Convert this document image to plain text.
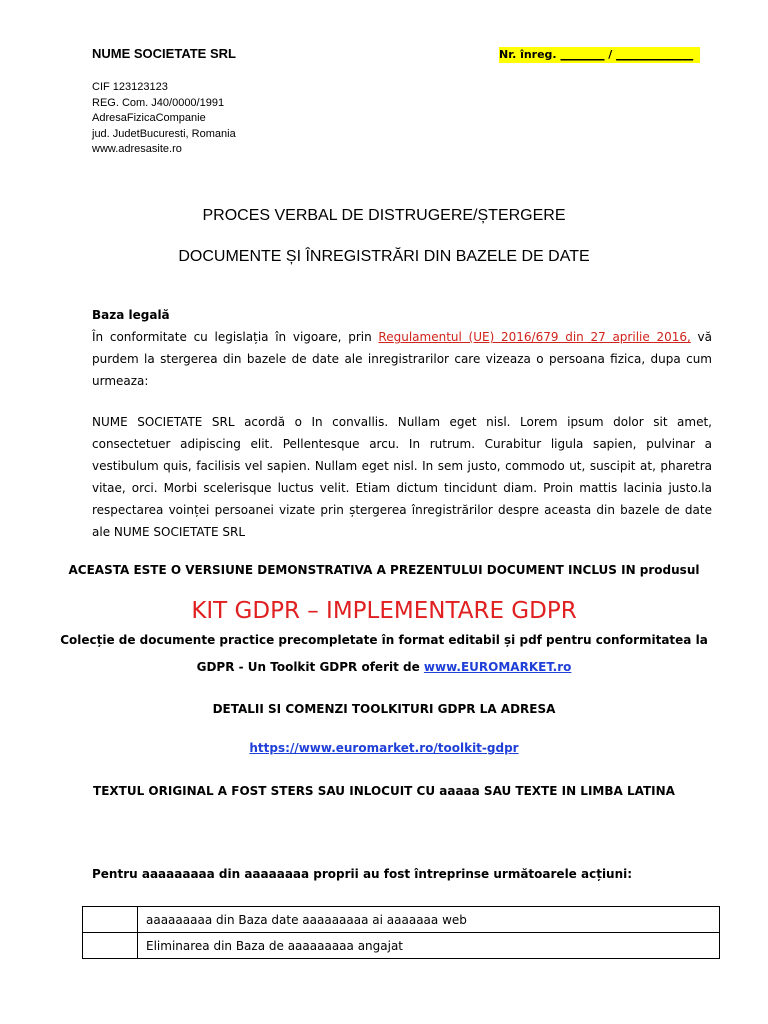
NUME SOCIETATE SRL	Nr. înreg. ________ / ______________
CIF 123123123
REG. Com. J40/0000/1991
AdresaFizicaCompanie
jud. JudetBucuresti, Romania
www.adresasite.ro
PROCES VERBAL DE DISTRUGERE/ȘTERGERE
DOCUMENTE ȘI ÎNREGISTRĂRI DIN BAZELE DE DATE
Baza legală
În conformitate cu legislația în vigoare, prin Regulamentul (UE) 2016/679 din 27 aprilie 2016, vă purdem la stergerea din bazele de date ale inregistrarilor care vizeaza o persoana fizica, dupa cum urmeaza:
NUME SOCIETATE SRL acordă o In convallis. Nullam eget nisl. Lorem ipsum dolor sit amet, consectetuer adipiscing elit. Pellentesque arcu. In rutrum. Curabitur ligula sapien, pulvinar a vestibulum quis, facilisis vel sapien. Nullam eget nisl. In sem justo, commodo ut, suscipit at, pharetra vitae, orci. Morbi scelerisque luctus velit. Etiam dictum tincidunt diam. Proin mattis lacinia justo.la respectarea voinței persoanei vizate prin ștergerea înregistrărilor despre aceasta din bazele de date ale NUME SOCIETATE SRL
ACEASTA ESTE O VERSIUNE DEMONSTRATIVA A PREZENTULUI DOCUMENT INCLUS IN produsul
KIT GDPR – IMPLEMENTARE GDPR
Colecție de documente practice precompletate în format editabil și pdf pentru conformitatea la
GDPR - Un Toolkit GDPR oferit de www.EUROMARKET.ro
DETALII SI COMENZI TOOLKITURI GDPR LA ADRESA
https://www.euromarket.ro/toolkit-gdpr
TEXTUL ORIGINAL A FOST STERS SAU INLOCUIT CU aaaaa SAU TEXTE IN LIMBA LATINA
Pentru aaaaaaaaa din aaaaaaaa proprii au fost întreprinse următoarele acțiuni:
	aaaaaaaaa din Baza date aaaaaaaaa ai aaaaaaa web
	Eliminarea din Baza de aaaaaaaaa angajat
